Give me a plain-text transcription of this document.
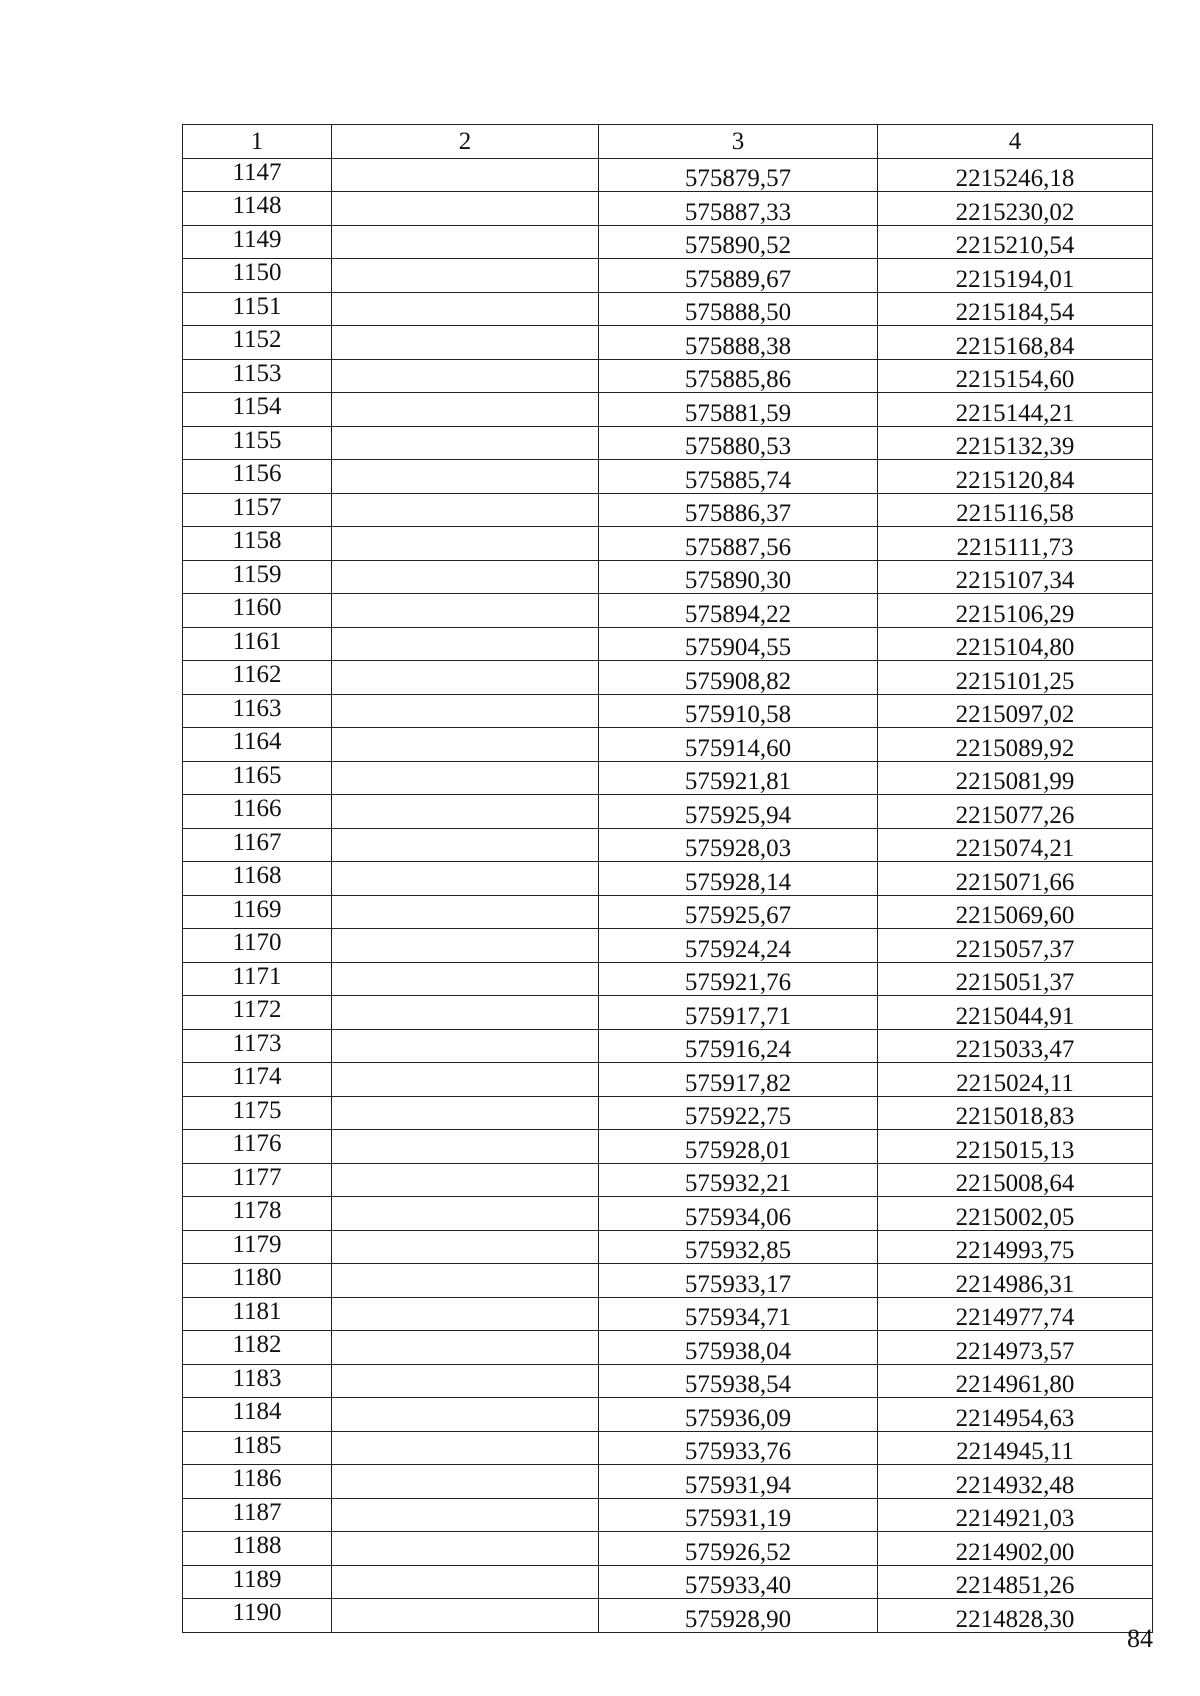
1	2	3	4
1147		575879,57	2215246,18
1148		575887,33	2215230,02
1149		575890,52	2215210,54
1150		575889,67	2215194,01
1151		575888,50	2215184,54
1152		575888,38	2215168,84
1153		575885,86	2215154,60
1154		575881,59	2215144,21
1155		575880,53	2215132,39
1156		575885,74	2215120,84
1157		575886,37	2215116,58
1158		575887,56	2215111,73
1159		575890,30	2215107,34
1160		575894,22	2215106,29
1161		575904,55	2215104,80
1162		575908,82	2215101,25
1163		575910,58	2215097,02
1164		575914,60	2215089,92
1165		575921,81	2215081,99
1166		575925,94	2215077,26
1167		575928,03	2215074,21
1168		575928,14	2215071,66
1169		575925,67	2215069,60
1170		575924,24	2215057,37
1171		575921,76	2215051,37
1172		575917,71	2215044,91
1173		575916,24	2215033,47
1174		575917,82	2215024,11
1175		575922,75	2215018,83
1176		575928,01	2215015,13
1177		575932,21	2215008,64
1178		575934,06	2215002,05
1179		575932,85	2214993,75
1180		575933,17	2214986,31
1181		575934,71	2214977,74
1182		575938,04	2214973,57
1183		575938,54	2214961,80
1184		575936,09	2214954,63
1185		575933,76	2214945,11
1186		575931,94	2214932,48
1187		575931,19	2214921,03
1188		575926,52	2214902,00
1189		575933,40	2214851,26
1190		575928,90	2214828,30
84
